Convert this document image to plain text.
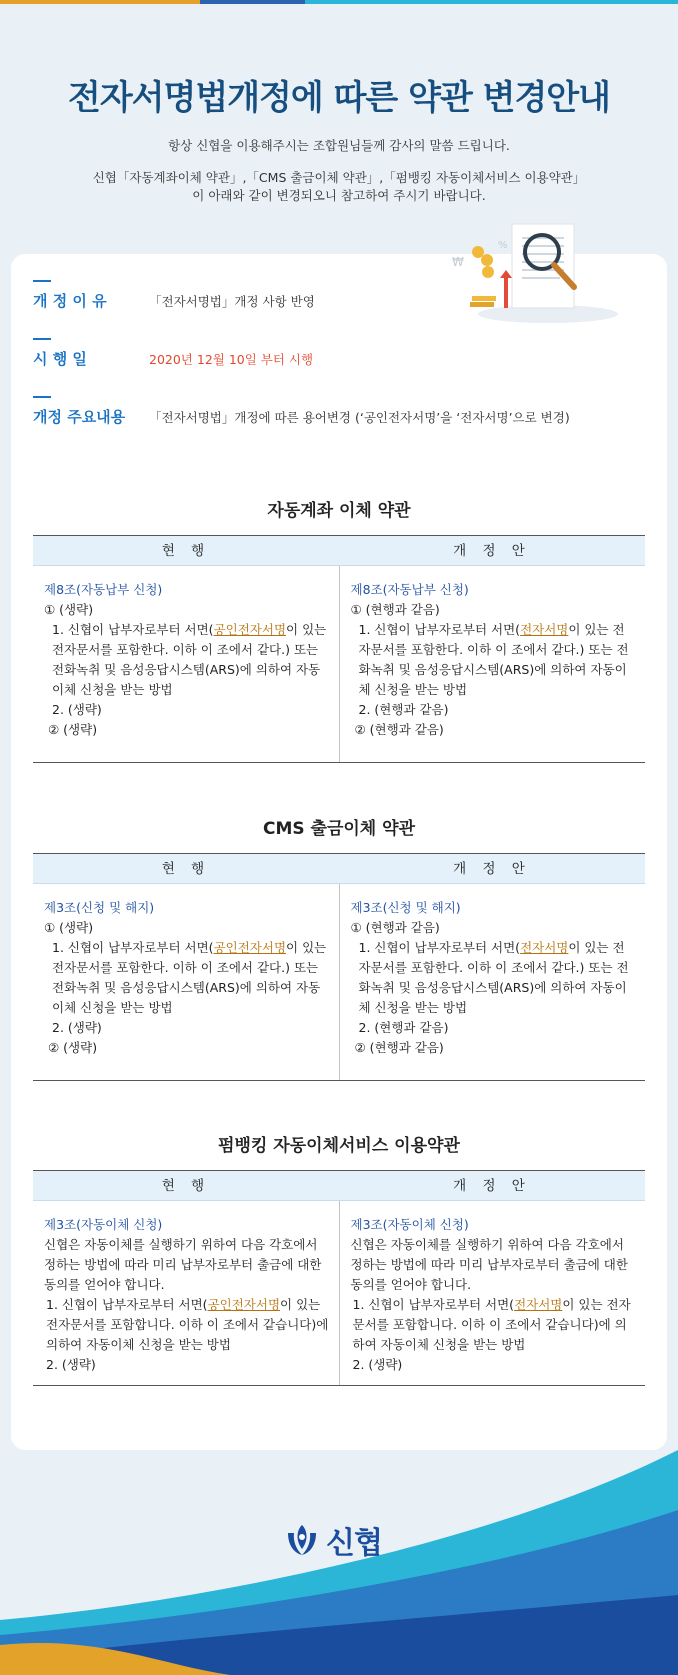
전자서명법개정에 따른 약관 변경안내

항상 신협을 이용해주시는 조합원님들께 감사의 말씀 드립니다.

신협「자동계좌이체 약관」,「CMS 출금이체 약관」,「펌뱅킹 자동이체서비스 이용약관」

이 아래와 같이 변경되오니 참고하여 주시기 바랍니다.

₩
%
개 정 이 유	「전자서명법」개정 사항 반영
시 행 일	2020년 12월 10일 부터 시행
개정 주요내용 「전자서명법」개정에 따른 용어변경 (‘공인전자서명’을 ‘전자서명’으로 변경)
자동계좌 이체 약관
현 행	개 정 안
제8조(자동납부 신청)
① (생략)
1. 신협이 납부자로부터 서면(공인전자서명이 있는 전자문서를 포함한다. 이하 이 조에서 같다.) 또는 전화녹취 및 음성응답시스템(ARS)에 의하여 자동이체 신청을 받는 방법
2. (생략)
② (생략)
제8조(자동납부 신청)
① (현행과 같음)
1. 신협이 납부자로부터 서면(전자서명이 있는 전자문서를 포함한다. 이하 이 조에서 같다.) 또는 전화녹취 및 음성응답시스템(ARS)에 의하여 자동이체 신청을 받는 방법
2. (현행과 같음)
② (현행과 같음)
CMS 출금이체 약관
현 행	개 정 안
제3조(신청 및 해지)
① (생략)
1. 신협이 납부자로부터 서면(공인전자서명이 있는 전자문서를 포함한다. 이하 이 조에서 같다.) 또는 전화녹취 및 음성응답시스템(ARS)에 의하여 자동이체 신청을 받는 방법
2. (생략)
② (생략)
제3조(신청 및 해지)
① (현행과 같음)
1. 신협이 납부자로부터 서면(전자서명이 있는 전자문서를 포함한다. 이하 이 조에서 같다.) 또는 전화녹취 및 음성응답시스템(ARS)에 의하여 자동이체 신청을 받는 방법
2. (현행과 같음)
② (현행과 같음)
펌뱅킹 자동이체서비스 이용약관
현 행	개 정 안
제3조(자동이체 신청)
신협은 자동이체를 실행하기 위하여 다음 각호에서 정하는 방법에 따라 미리 납부자로부터 출금에 대한 동의를 얻어야 합니다.
1. 신협이 납부자로부터 서면(공인전자서명이 있는 전자문서를 포함합니다. 이하 이 조에서 같습니다)에 의하여 자동이체 신청을 받는 방법
2. (생략)
제3조(자동이체 신청)
신협은 자동이체를 실행하기 위하여 다음 각호에서 정하는 방법에 따라 미리 납부자로부터 출금에 대한 동의를 얻어야 합니다.
1. 신협이 납부자로부터 서면(전자서명이 있는 전자문서를 포함합니다. 이하 이 조에서 같습니다)에 의하여 자동이체 신청을 받는 방법
2. (생략)
신협
